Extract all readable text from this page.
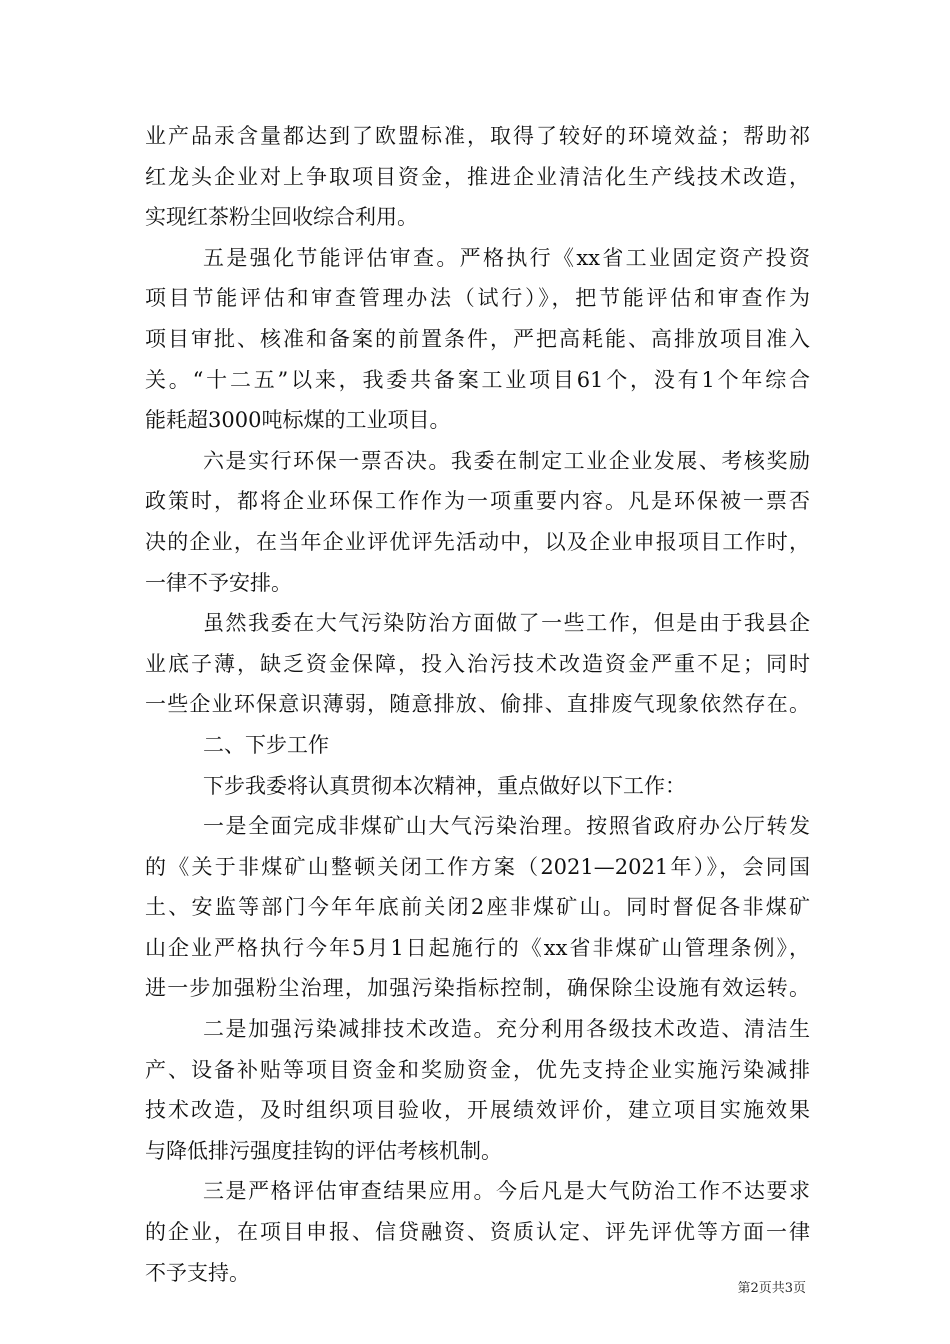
业产品汞含量都达到了欧盟标准，取得了较好的环境效益；帮助祁
红龙头企业对上争取项目资金，推进企业清洁化生产线技术改造，
实现红茶粉尘回收综合利用。
五是强化节能评估审查。严格执行《xx省工业固定资产投资
项目节能评估和审查管理办法（试行）》，把节能评估和审查作为
项目审批、核准和备案的前置条件，严把高耗能、高排放项目准入
关。“十二五”以来，我委共备案工业项目61个，没有1个年综合
能耗超3000吨标煤的工业项目。
六是实行环保一票否决。我委在制定工业企业发展、考核奖励
政策时，都将企业环保工作作为一项重要内容。凡是环保被一票否
决的企业，在当年企业评优评先活动中，以及企业申报项目工作时，
一律不予安排。
虽然我委在大气污染防治方面做了一些工作，但是由于我县企
业底子薄，缺乏资金保障，投入治污技术改造资金严重不足；同时
一些企业环保意识薄弱，随意排放、偷排、直排废气现象依然存在。
二、下步工作
下步我委将认真贯彻本次精神，重点做好以下工作：
一是全面完成非煤矿山大气污染治理。按照省政府办公厅转发
的《关于非煤矿山整顿关闭工作方案（2021—2021年）》，会同国
土、安监等部门今年年底前关闭2座非煤矿山。同时督促各非煤矿
山企业严格执行今年5月1日起施行的《xx省非煤矿山管理条例》，
进一步加强粉尘治理，加强污染指标控制，确保除尘设施有效运转。
二是加强污染减排技术改造。充分利用各级技术改造、清洁生
产、设备补贴等项目资金和奖励资金，优先支持企业实施污染减排
技术改造，及时组织项目验收，开展绩效评价，建立项目实施效果
与降低排污强度挂钩的评估考核机制。
三是严格评估审查结果应用。今后凡是大气防治工作不达要求
的企业，在项目申报、信贷融资、资质认定、评先评优等方面一律
不予支持。
第2页共3页
